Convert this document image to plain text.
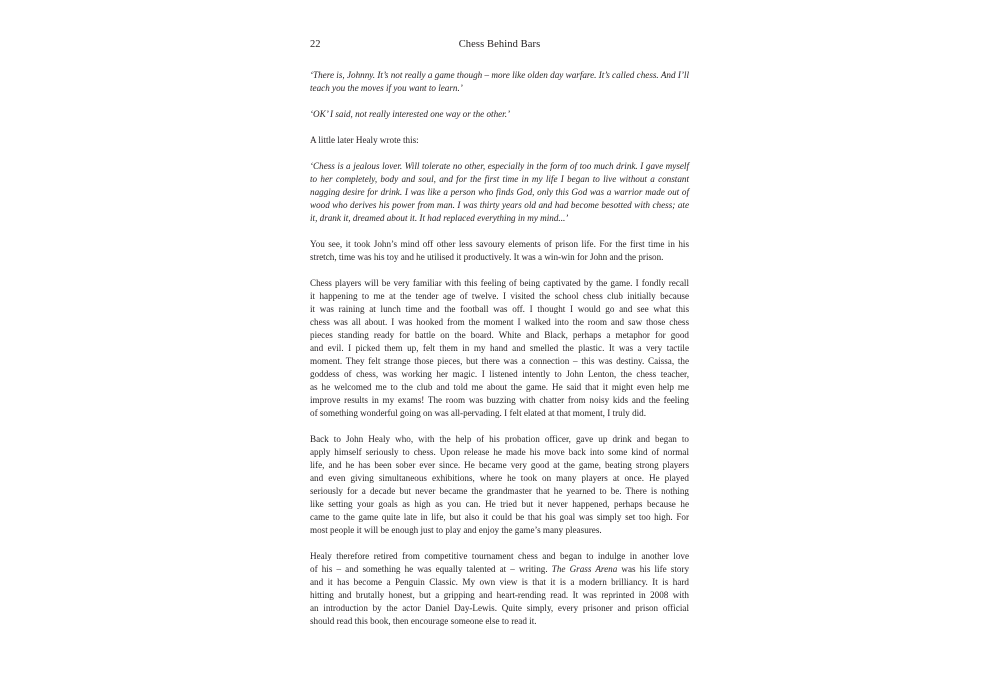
22	Chess Behind Bars
‘There is, Johnny. It’s not really a game though – more like olden day warfare. It’s called chess. And I’ll
teach you the moves if you want to learn.’
‘OK’ I said, not really interested one way or the other.’
A little later Healy wrote this:
‘Chess is a jealous lover. Will tolerate no other, especially in the form of too much drink. I gave myself
to her completely, body and soul, and for the first time in my life I began to live without a constant
nagging desire for drink. I was like a person who finds God, only this God was a warrior made out of
wood who derives his power from man. I was thirty years old and had become besotted with chess; ate
it, drank it, dreamed about it. It had replaced everything in my mind...’
You see, it took John’s mind off other less savoury elements of prison life. For the first time in his
stretch, time was his toy and he utilised it productively. It was a win-win for John and the prison.
Chess players will be very familiar with this feeling of being captivated by the game. I fondly recall
it happening to me at the tender age of twelve. I visited the school chess club initially because
it was raining at lunch time and the football was off. I thought I would go and see what this
chess was all about. I was hooked from the moment I walked into the room and saw those chess
pieces standing ready for battle on the board. White and Black, perhaps a metaphor for good
and evil. I picked them up, felt them in my hand and smelled the plastic. It was a very tactile
moment. They felt strange those pieces, but there was a connection – this was destiny. Caissa, the
goddess of chess, was working her magic. I listened intently to John Lenton, the chess teacher,
as he welcomed me to the club and told me about the game. He said that it might even help me
improve results in my exams! The room was buzzing with chatter from noisy kids and the feeling
of something wonderful going on was all-pervading. I felt elated at that moment, I truly did.
Back to John Healy who, with the help of his probation officer, gave up drink and began to
apply himself seriously to chess. Upon release he made his move back into some kind of normal
life, and he has been sober ever since. He became very good at the game, beating strong players
and even giving simultaneous exhibitions, where he took on many players at once. He played
seriously for a decade but never became the grandmaster that he yearned to be. There is nothing
like setting your goals as high as you can. He tried but it never happened, perhaps because he
came to the game quite late in life, but also it could be that his goal was simply set too high. For
most people it will be enough just to play and enjoy the game’s many pleasures.
Healy therefore retired from competitive tournament chess and began to indulge in another love
of his – and something he was equally talented at – writing. The Grass Arena was his life story
and it has become a Penguin Classic. My own view is that it is a modern brilliancy. It is hard
hitting and brutally honest, but a gripping and heart-rending read. It was reprinted in 2008 with
an introduction by the actor Daniel Day-Lewis. Quite simply, every prisoner and prison official
should read this book, then encourage someone else to read it.
